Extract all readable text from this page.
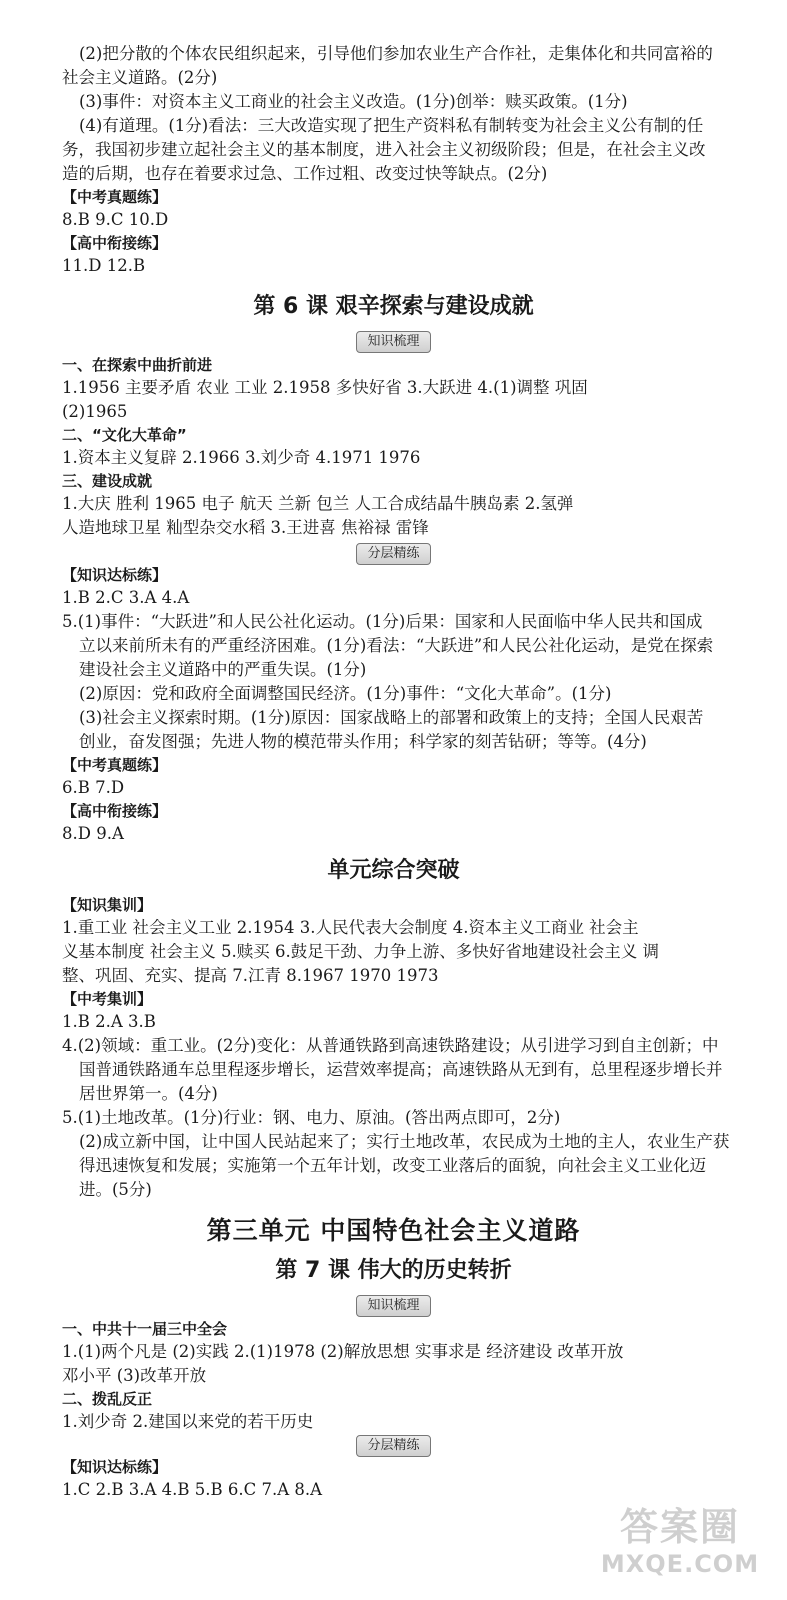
(2)把分散的个体农民组织起来，引导他们参加农业生产合作社，走集体化和共同富裕的
社会主义道路。(2分)
(3)事件：对资本主义工商业的社会主义改造。(1分)创举：赎买政策。(1分)
(4)有道理。(1分)看法：三大改造实现了把生产资料私有制转变为社会主义公有制的任
务，我国初步建立起社会主义的基本制度，进入社会主义初级阶段；但是，在社会主义改
造的后期，也存在着要求过急、工作过粗、改变过快等缺点。(2分)
【中考真题练】
8.B 9.C 10.D
【高中衔接练】
11.D 12.B
第 6 课 艰辛探索与建设成就
知识梳理
一、在探索中曲折前进
1.1956 主要矛盾 农业 工业 2.1958 多快好省 3.大跃进 4.(1)调整 巩固
(2)1965
二、“文化大革命”
1.资本主义复辟 2.1966 3.刘少奇 4.1971 1976
三、建设成就
1.大庆 胜利 1965 电子 航天 兰新 包兰 人工合成结晶牛胰岛素 2.氢弹
人造地球卫星 籼型杂交水稻 3.王进喜 焦裕禄 雷锋
分层精练
【知识达标练】
1.B 2.C 3.A 4.A
5.(1)事件：“大跃进”和人民公社化运动。(1分)后果：国家和人民面临中华人民共和国成
立以来前所未有的严重经济困难。(1分)看法：“大跃进”和人民公社化运动，是党在探索
建设社会主义道路中的严重失误。(1分)
(2)原因：党和政府全面调整国民经济。(1分)事件：“文化大革命”。(1分)
(3)社会主义探索时期。(1分)原因：国家战略上的部署和政策上的支持；全国人民艰苦
创业，奋发图强；先进人物的模范带头作用；科学家的刻苦钻研；等等。(4分)
【中考真题练】
6.B 7.D
【高中衔接练】
8.D 9.A
单元综合突破
【知识集训】
1.重工业 社会主义工业 2.1954 3.人民代表大会制度 4.资本主义工商业 社会主
义基本制度 社会主义 5.赎买 6.鼓足干劲、力争上游、多快好省地建设社会主义 调
整、巩固、充实、提高 7.江青 8.1967 1970 1973
【中考集训】
1.B 2.A 3.B
4.(2)领域：重工业。(2分)变化：从普通铁路到高速铁路建设；从引进学习到自主创新；中
国普通铁路通车总里程逐步增长，运营效率提高；高速铁路从无到有，总里程逐步增长并
居世界第一。(4分)
5.(1)土地改革。(1分)行业：钢、电力、原油。(答出两点即可，2分)
(2)成立新中国，让中国人民站起来了；实行土地改革，农民成为土地的主人，农业生产获
得迅速恢复和发展；实施第一个五年计划，改变工业落后的面貌，向社会主义工业化迈
进。(5分)
第三单元 中国特色社会主义道路
第 7 课 伟大的历史转折
知识梳理
一、中共十一届三中全会
1.(1)两个凡是 (2)实践 2.(1)1978 (2)解放思想 实事求是 经济建设 改革开放
邓小平 (3)改革开放
二、拨乱反正
1.刘少奇 2.建国以来党的若干历史
分层精练
【知识达标练】
1.C 2.B 3.A 4.B 5.B 6.C 7.A 8.A
答案圈
MXQE.COM
